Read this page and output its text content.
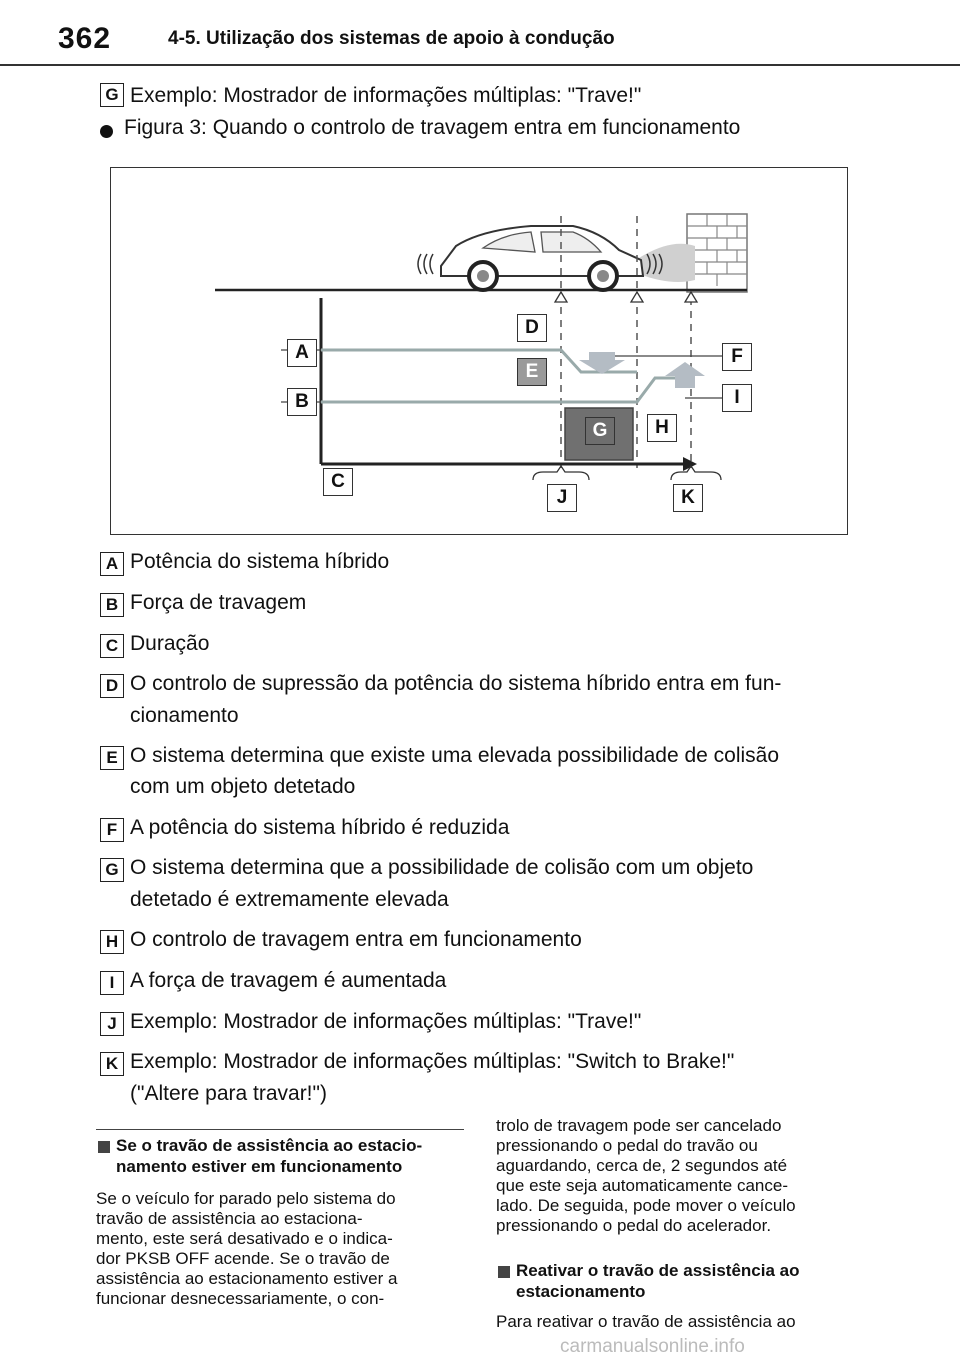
362	4-5. Utilização dos sistemas de apoio à condução
G Exemplo: Mostrador de informações múltiplas: "Trave!"
Figura 3: Quando o controlo de travagem entra em funcionamento
A
B
C
D
E
F
G	H
I
J	K
A Potência do sistema híbrido
B Força de travagem
C Duração
D O controlo de supressão da potência do sistema híbrido entra em fun-
cionamento
E O sistema determina que existe uma elevada possibilidade de colisão
com um objeto detetado
F A potência do sistema híbrido é reduzida
G O sistema determina que a possibilidade de colisão com um objeto
detetado é extremamente elevada
H O controlo de travagem entra em funcionamento
I A força de travagem é aumentada
J Exemplo: Mostrador de informações múltiplas: "Trave!"
K Exemplo: Mostrador de informações múltiplas: "Switch to Brake!"
("Altere para travar!")
Se o travão de assistência ao estacio-
namento estiver em funcionamento
Se o veículo for parado pelo sistema do
travão de assistência ao estaciona-
mento, este será desativado e o indica-
dor PKSB OFF acende. Se o travão de
assistência ao estacionamento estiver a
funcionar desnecessariamente, o con-
trolo de travagem pode ser cancelado
pressionando o pedal do travão ou
aguardando, cerca de, 2 segundos até
que este seja automaticamente cance-
lado. De seguida, pode mover o veículo
pressionando o pedal do acelerador.
Reativar o travão de assistência ao
estacionamento
Para reativar o travão de assistência ao
carmanualsonline.info
